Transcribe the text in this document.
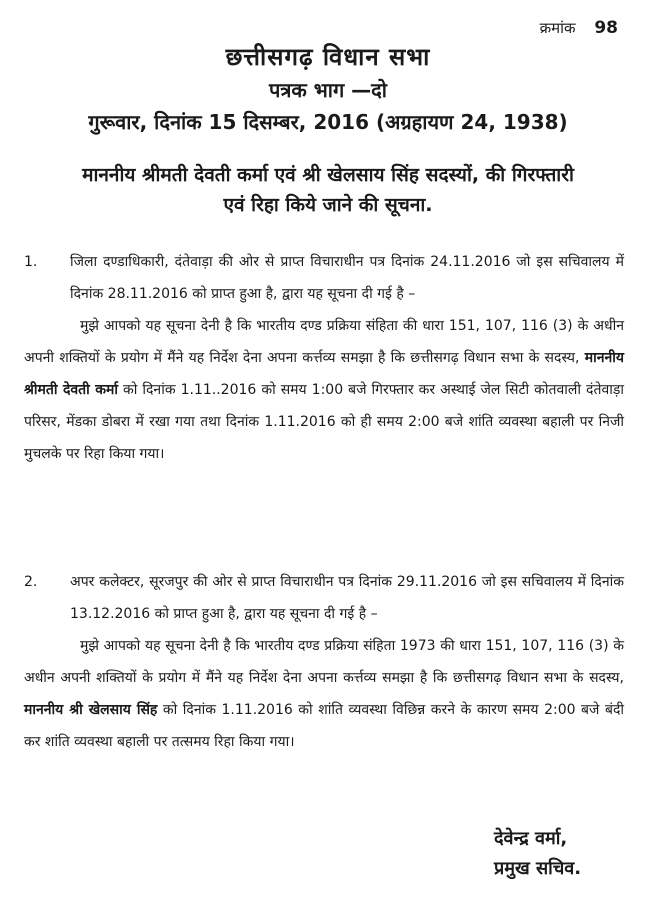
क्रमांक 98
छत्तीसगढ़ विधान सभा
पत्रक भाग —दो
गुरूवार, दिनांक 15 दिसम्बर, 2016 (अग्रहायण 24, 1938)
माननीय श्रीमती देवती कर्मा एवं श्री खेलसाय सिंह सदस्यों, की गिरफ्तारी
एवं रिहा किये जाने की सूचना.
1. जिला दण्डाधिकारी, दंतेवाड़ा की ओर से प्राप्त विचाराधीन पत्र दिनांक 24.11.2016 जो इस सचिवालय में दिनांक 28.11.2016 को प्राप्त हुआ है, द्वारा यह सूचना दी गई है –

मुझे आपको यह सूचना देनी है कि भारतीय दण्ड प्रक्रिया संहिता की धारा 151, 107, 116 (3) के अधीन अपनी शक्तियों के प्रयोग में मैंने यह निर्देश देना अपना कर्त्तव्य समझा है कि छत्तीसगढ़ विधान सभा के सदस्य, माननीय श्रीमती देवती कर्मा को दिनांक 1.11..2016 को समय 1:00 बजे गिरफ्तार कर अस्थाई जेल सिटी कोतवाली दंतेवाड़ा परिसर, मेंडका डोबरा में रखा गया तथा दिनांक 1.11.2016 को ही समय 2:00 बजे शांति व्यवस्था बहाली पर निजी मुचलके पर रिहा किया गया।

2. अपर कलेक्टर, सूरजपुर की ओर से प्राप्त विचाराधीन पत्र दिनांक 29.11.2016 जो इस सचिवालय में दिनांक 13.12.2016 को प्राप्त हुआ है, द्वारा यह सूचना दी गई है –

मुझे आपको यह सूचना देनी है कि भारतीय दण्ड प्रक्रिया संहिता 1973 की धारा 151, 107, 116 (3) के अधीन अपनी शक्तियों के प्रयोग में मैंने यह निर्देश देना अपना कर्त्तव्य समझा है कि छत्तीसगढ़ विधान सभा के सदस्य, माननीय श्री खेलसाय सिंह को दिनांक 1.11.2016 को शांति व्यवस्था विछिन्न करने के कारण समय 2:00 बजे बंदी कर शांति व्यवस्था बहाली पर तत्समय रिहा किया गया।

देवेन्द्र वर्मा,
प्रमुख सचिव.
